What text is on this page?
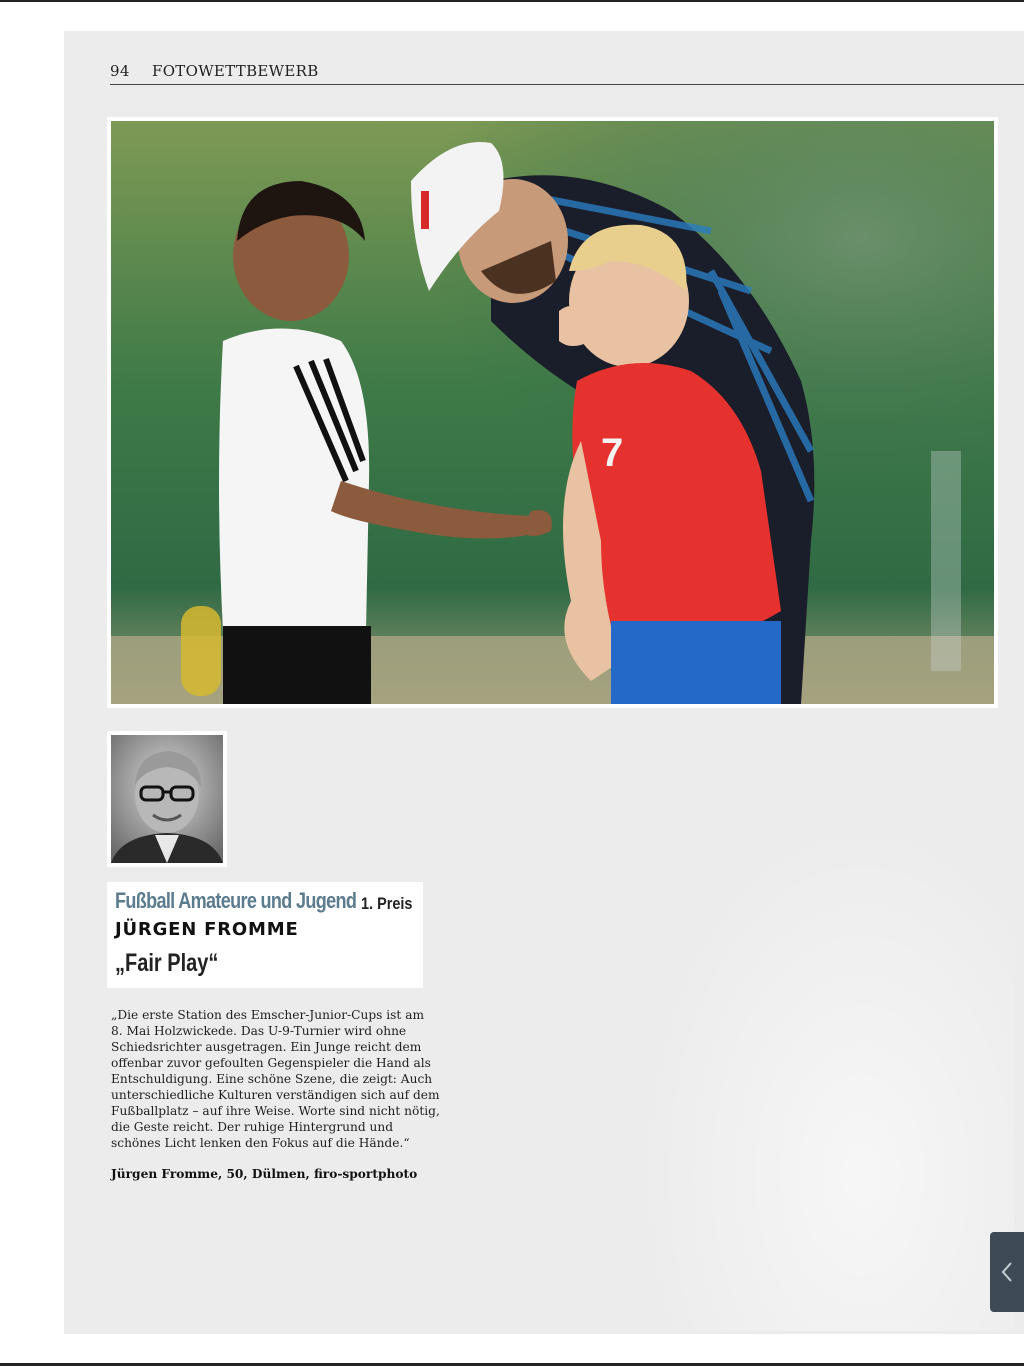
94 FOTOWETTBEWERB
7
Fußball Amateure und Jugend 1. Preis
JÜRGEN FROMME
„Fair Play“
„Die erste Station des Emscher-Junior-Cups ist am
8. Mai Holzwickede. Das U-9-Turnier wird ohne
Schiedsrichter ausgetragen. Ein Junge reicht dem
offenbar zuvor gefoulten Gegenspieler die Hand als
Entschuldigung. Eine schöne Szene, die zeigt: Auch
unterschiedliche Kulturen verständigen sich auf dem
Fußballplatz – auf ihre Weise. Worte sind nicht nötig,
die Geste reicht. Der ruhige Hintergrund und
schönes Licht lenken den Fokus auf die Hände.“
Jürgen Fromme, 50, Dülmen, firo-sportphoto
